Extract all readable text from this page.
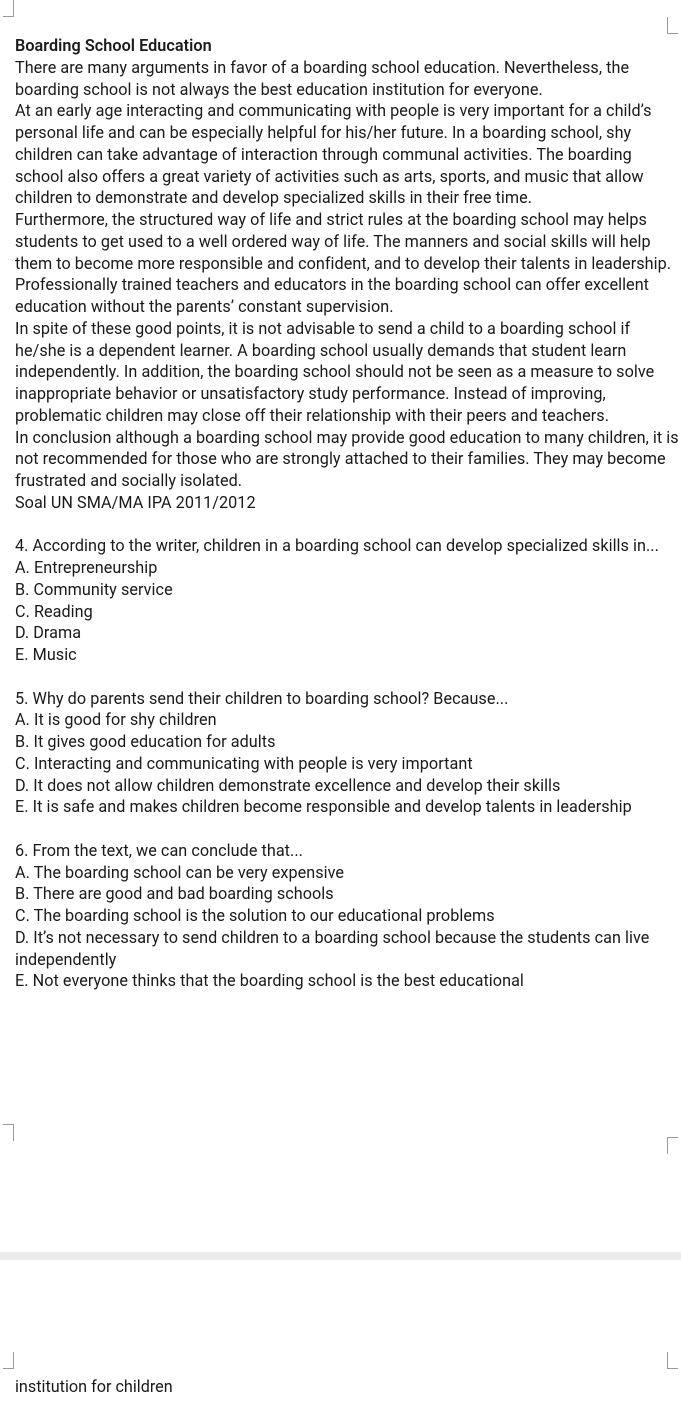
Boarding School Education

There are many arguments in favor of a boarding school education. Nevertheless, the boarding school is not always the best education institution for everyone.

At an early age interacting and communicating with people is very important for a child’s personal life and can be especially helpful for his/her future. In a boarding school, shy children can take advantage of interaction through communal activities. The boarding school also offers a great variety of activities such as arts, sports, and music that allow children to demonstrate and develop specialized skills in their free time.

Furthermore, the structured way of life and strict rules at the boarding school may helps students to get used to a well ordered way of life. The manners and social skills will help them to become more responsible and confident, and to develop their talents in leadership. Professionally trained teachers and educators in the boarding school can offer excellent education without the parents’ constant supervision.

In spite of these good points, it is not advisable to send a child to a boarding school if he/she is a dependent learner. A boarding school usually demands that student learn independently. In addition, the boarding school should not be seen as a measure to solve inappropriate behavior or unsatisfactory study performance. Instead of improving, problematic children may close off their relationship with their peers and teachers.

In conclusion although a boarding school may provide good education to many children, it is not recommended for those who are strongly attached to their families. They may become frustrated and socially isolated.

Soal UN SMA/MA IPA 2011/2012

4. According to the writer, children in a boarding school can develop specialized skills in...

A. Entrepreneurship

B. Community service

C. Reading

D. Drama

E. Music

5. Why do parents send their children to boarding school? Because...

A. It is good for shy children

B. It gives good education for adults

C. Interacting and communicating with people is very important

D. It does not allow children demonstrate excellence and develop their skills

E. It is safe and makes children become responsible and develop talents in leadership

6. From the text, we can conclude that...

A. The boarding school can be very expensive

B. There are good and bad boarding schools

C. The boarding school is the solution to our educational problems

D. It’s not necessary to send children to a boarding school because the students can live independently

E. Not everyone thinks that the boarding school is the best educational

institution for children
